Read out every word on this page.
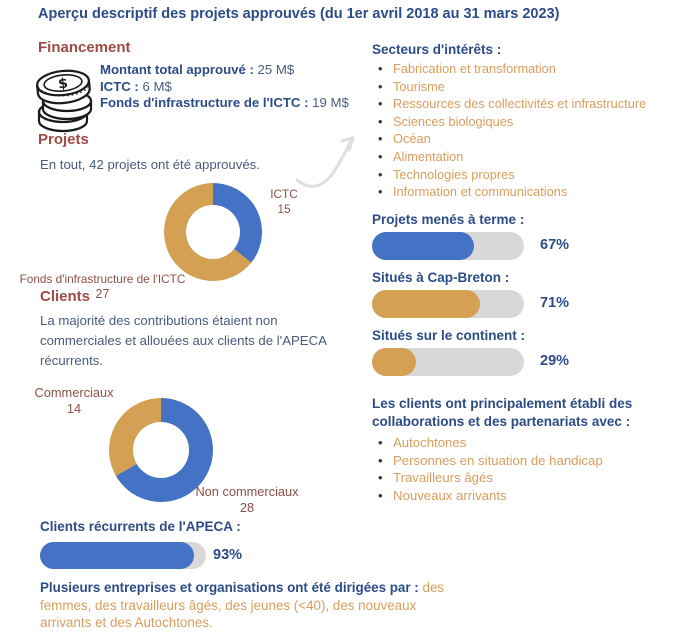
Aperçu descriptif des projets approuvés (du 1er avril 2018 au 31 mars 2023)
Financement
$
Montant total approuvé : 25 M$
ICTC : 6 M$
Fonds d'infrastructure de l'ICTC : 19 M$
Projets
En tout, 42 projets ont été approuvés.
ICTC
15
Fonds d'infrastructure de l'ICTC
27
Clients
La majorité des contributions étaient non commerciales et allouées aux clients de l'APECA récurrents.
Commerciaux
14
Non commerciaux
28
Clients récurrents de l'APECA :
93%
Plusieurs entreprises et organisations ont été dirigées par : des femmes, des travailleurs âgés, des jeunes (<40), des nouveaux arrivants et des Autochtones.
Secteurs d'intérêts :
• Fabrication et transformation
• Tourisme
• Ressources des collectivités et infrastructure
• Sciences biologiques
• Océan
• Alimentation
• Technologies propres
• Information et communications
Projets menés à terme :
67%
Situés à Cap-Breton :
71%
Situés sur le continent :
29%
Les clients ont principalement établi des collaborations et des partenariats avec :
• Autochtones
• Personnes en situation de handicap
• Travailleurs âgés
• Nouveaux arrivants
